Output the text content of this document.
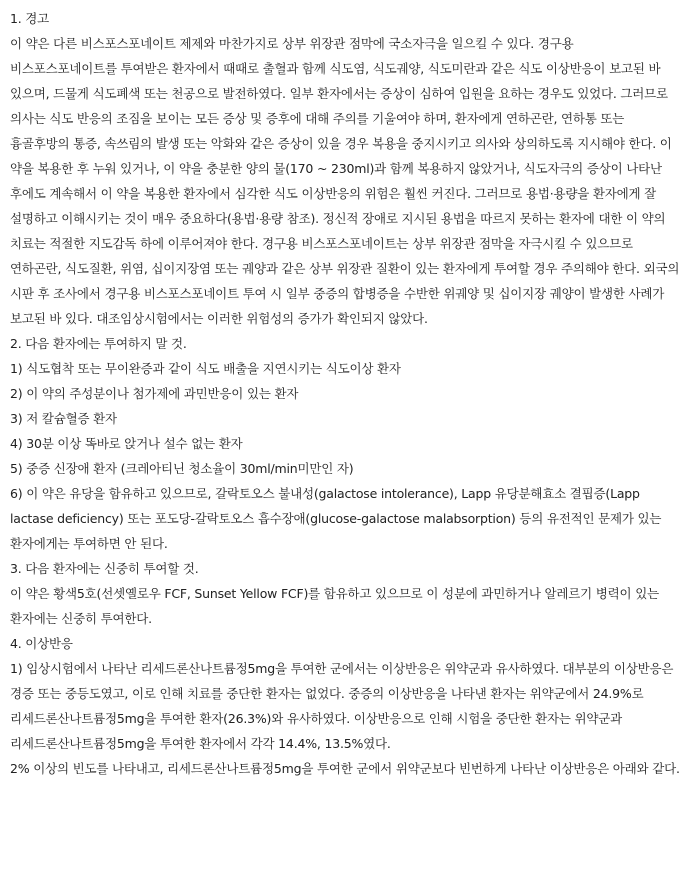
1. 경고

이 약은 다른 비스포스포네이트 제제와 마찬가지로 상부 위장관 점막에 국소자극을 일으킬 수 있다. 경구용 비스포스포네이트를 투여받은 환자에서 때때로 출혈과 함께 식도염, 식도궤양, 식도미란과 같은 식도 이상반응이 보고된 바 있으며, 드물게 식도폐색 또는 천공으로 발전하였다. 일부 환자에서는 증상이 심하여 입원을 요하는 경우도 있었다. 그러므로 의사는 식도 반응의 조짐을 보이는 모든 증상 및 증후에 대해 주의를 기울여야 하며, 환자에게 연하곤란, 연하통 또는 흉골후방의 통증, 속쓰림의 발생 또는 악화와 같은 증상이 있을 경우 복용을 중지시키고 의사와 상의하도록 지시해야 한다. 이 약을 복용한 후 누워 있거나, 이 약을 충분한 양의 물(170 ~ 230ml)과 함께 복용하지 않았거나, 식도자극의 증상이 나타난 후에도 계속해서 이 약을 복용한 환자에서 심각한 식도 이상반응의 위험은 훨씬 커진다. 그러므로 용법·용량을 환자에게 잘 설명하고 이해시키는 것이 매우 중요하다(용법·용량 참조). 정신적 장애로 지시된 용법을 따르지 못하는 환자에 대한 이 약의 치료는 적절한 지도감독 하에 이루어져야 한다. 경구용 비스포스포네이트는 상부 위장관 점막을 자극시킬 수 있으므로 연하곤란, 식도질환, 위염, 십이지장염 또는 궤양과 같은 상부 위장관 질환이 있는 환자에게 투여할 경우 주의해야 한다. 외국의 시판 후 조사에서 경구용 비스포스포네이트 투여 시 일부 중증의 합병증을 수반한 위궤양 및 십이지장 궤양이 발생한 사례가 보고된 바 있다. 대조임상시험에서는 이러한 위험성의 증가가 확인되지 않았다.

2. 다음 환자에는 투여하지 말 것.

1) 식도협착 또는 무이완증과 같이 식도 배출을 지연시키는 식도이상 환자

2) 이 약의 주성분이나 첨가제에 과민반응이 있는 환자

3) 저 칼슘혈증 환자

4) 30분 이상 똑바로 앉거나 설수 없는 환자

5) 중증 신장애 환자 (크레아티닌 청소율이 30ml/min미만인 자)

6) 이 약은 유당을 함유하고 있으므로, 갈락토오스 불내성(galactose intolerance), Lapp 유당분해효소 결핍증(Lapp lactase deficiency) 또는 포도당-갈락토오스 흡수장애(glucose-galactose malabsorption) 등의 유전적인 문제가 있는 환자에게는 투여하면 안 된다.

3. 다음 환자에는 신중히 투여할 것.

이 약은 황색5호(선셋옐로우 FCF, Sunset Yellow FCF)를 함유하고 있으므로 이 성분에 과민하거나 알레르기 병력이 있는 환자에는 신중히 투여한다.

4. 이상반응

1) 임상시험에서 나타난 리세드론산나트륨정5mg을 투여한 군에서는 이상반응은 위약군과 유사하였다. 대부분의 이상반응은 경증 또는 중등도였고, 이로 인해 치료를 중단한 환자는 없었다. 중증의 이상반응을 나타낸 환자는 위약군에서 24.9%로 리세드론산나트륨정5mg을 투여한 환자(26.3%)와 유사하였다. 이상반응으로 인해 시험을 중단한 환자는 위약군과 리세드론산나트륨정5mg을 투여한 환자에서 각각 14.4%, 13.5%였다.

2% 이상의 빈도를 나타내고, 리세드론산나트륨정5mg을 투여한 군에서 위약군보다 빈번하게 나타난 이상반응은 아래와 같다.
